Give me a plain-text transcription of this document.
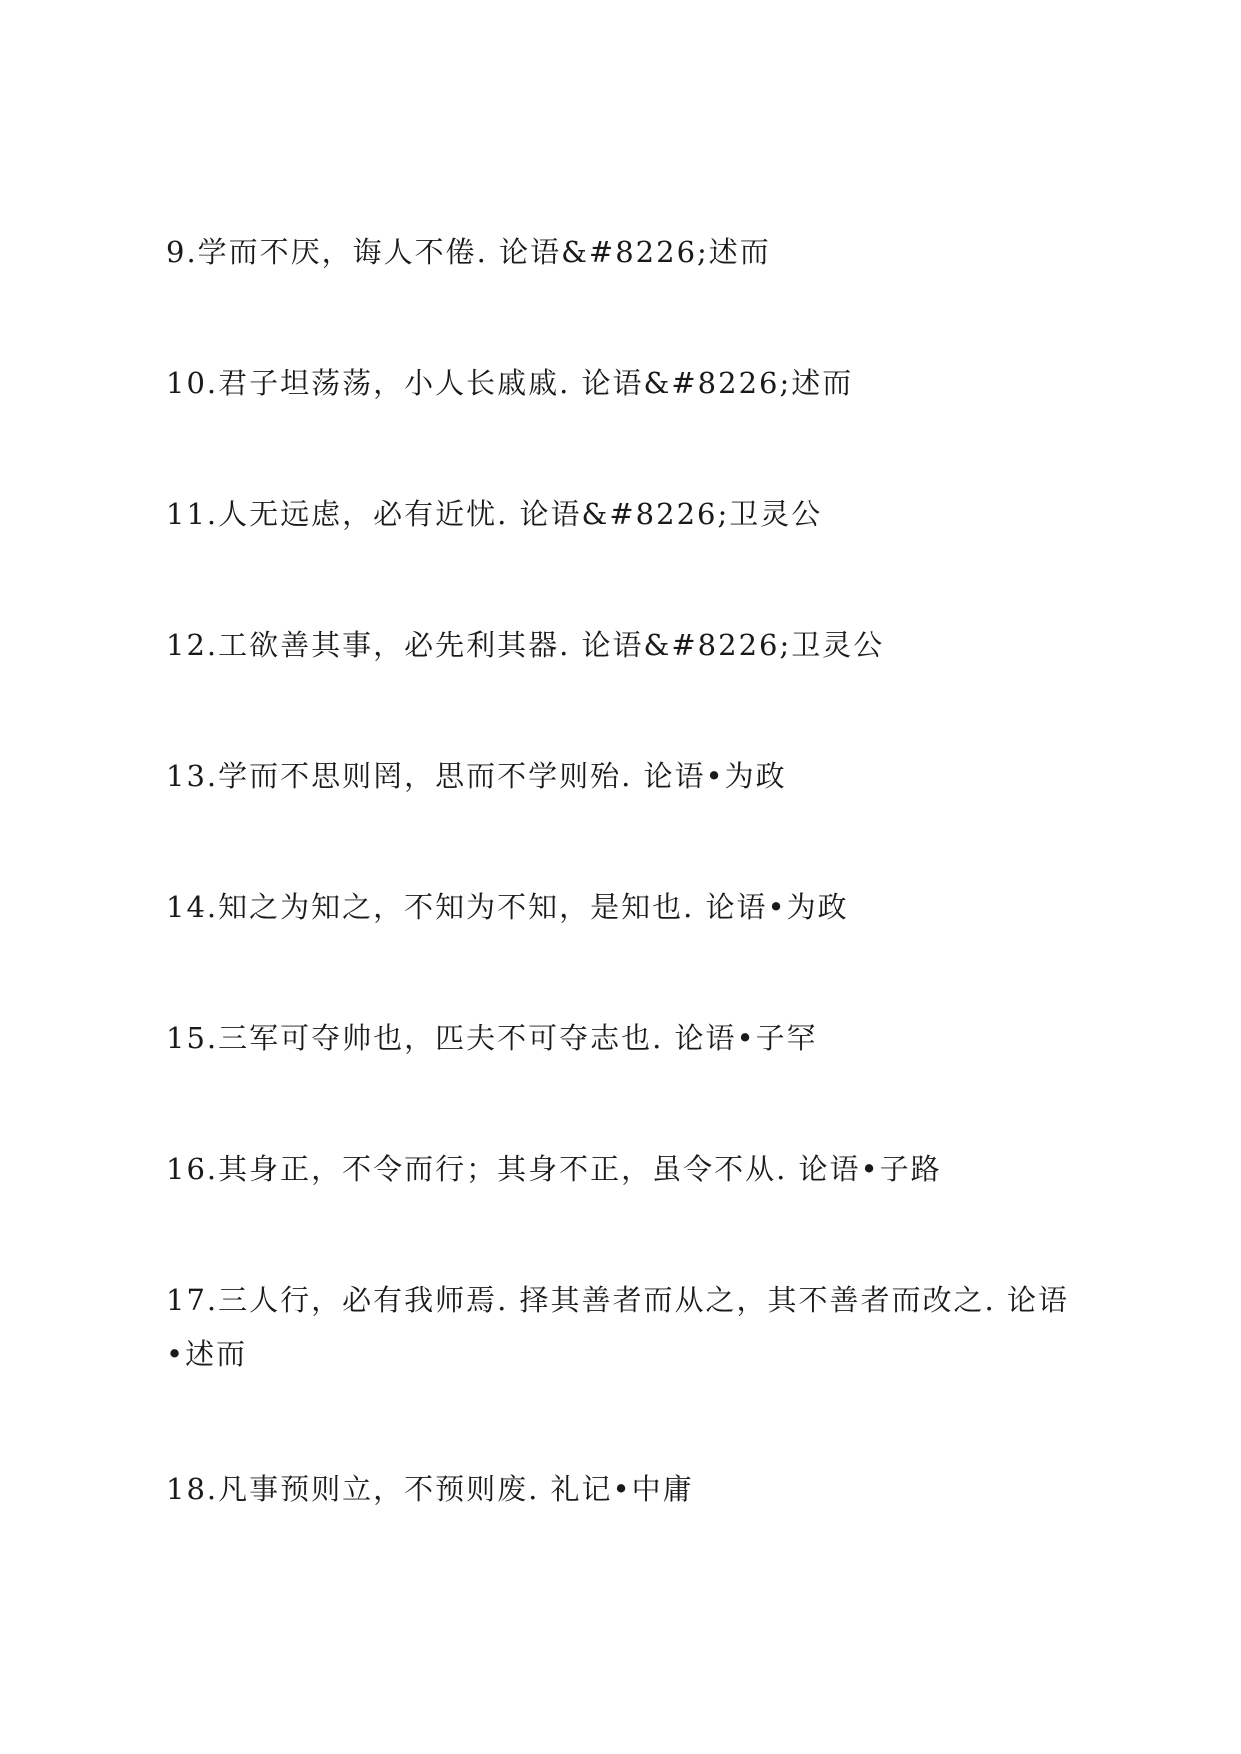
9.学而不厌，诲人不倦. 论语&#8226;述而
10.君子坦荡荡，小人长戚戚. 论语&#8226;述而
11.人无远虑，必有近忧. 论语&#8226;卫灵公
12.工欲善其事，必先利其器. 论语&#8226;卫灵公
13.学而不思则罔，思而不学则殆. 论语•为政
14.知之为知之，不知为不知，是知也. 论语•为政
15.三军可夺帅也，匹夫不可夺志也. 论语•子罕
16.其身正，不令而行；其身不正，虽令不从. 论语•子路
17.三人行，必有我师焉. 择其善者而从之，其不善者而改之. 论语•述而
18.凡事预则立，不预则废. 礼记•中庸
